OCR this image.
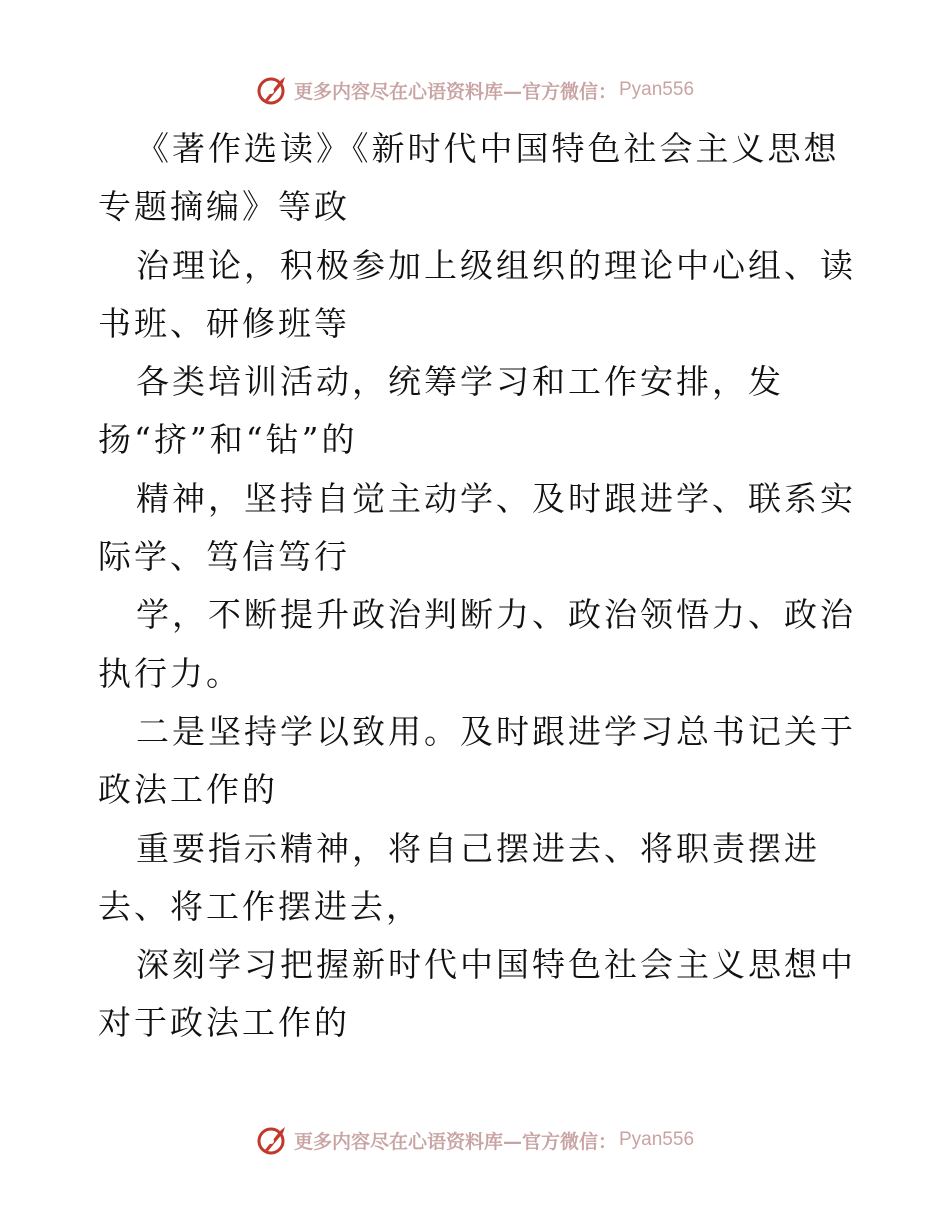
更多内容尽在心语资料库—官方微信： Pyan556

《著作选读》《新时代中国特色社会主义思想专题摘编》等政

治理论，积极参加上级组织的理论中心组、读书班、研修班等

各类培训活动，统筹学习和工作安排，发扬“挤”和“钻”的

精神，坚持自觉主动学、及时跟进学、联系实际学、笃信笃行

学，不断提升政治判断力、政治领悟力、政治执行力。

二是坚持学以致用。及时跟进学习总书记关于政法工作的

重要指示精神，将自己摆进去、将职责摆进去、将工作摆进去，

深刻学习把握新时代中国特色社会主义思想中对于政法工作的

更多内容尽在心语资料库—官方微信： Pyan556
